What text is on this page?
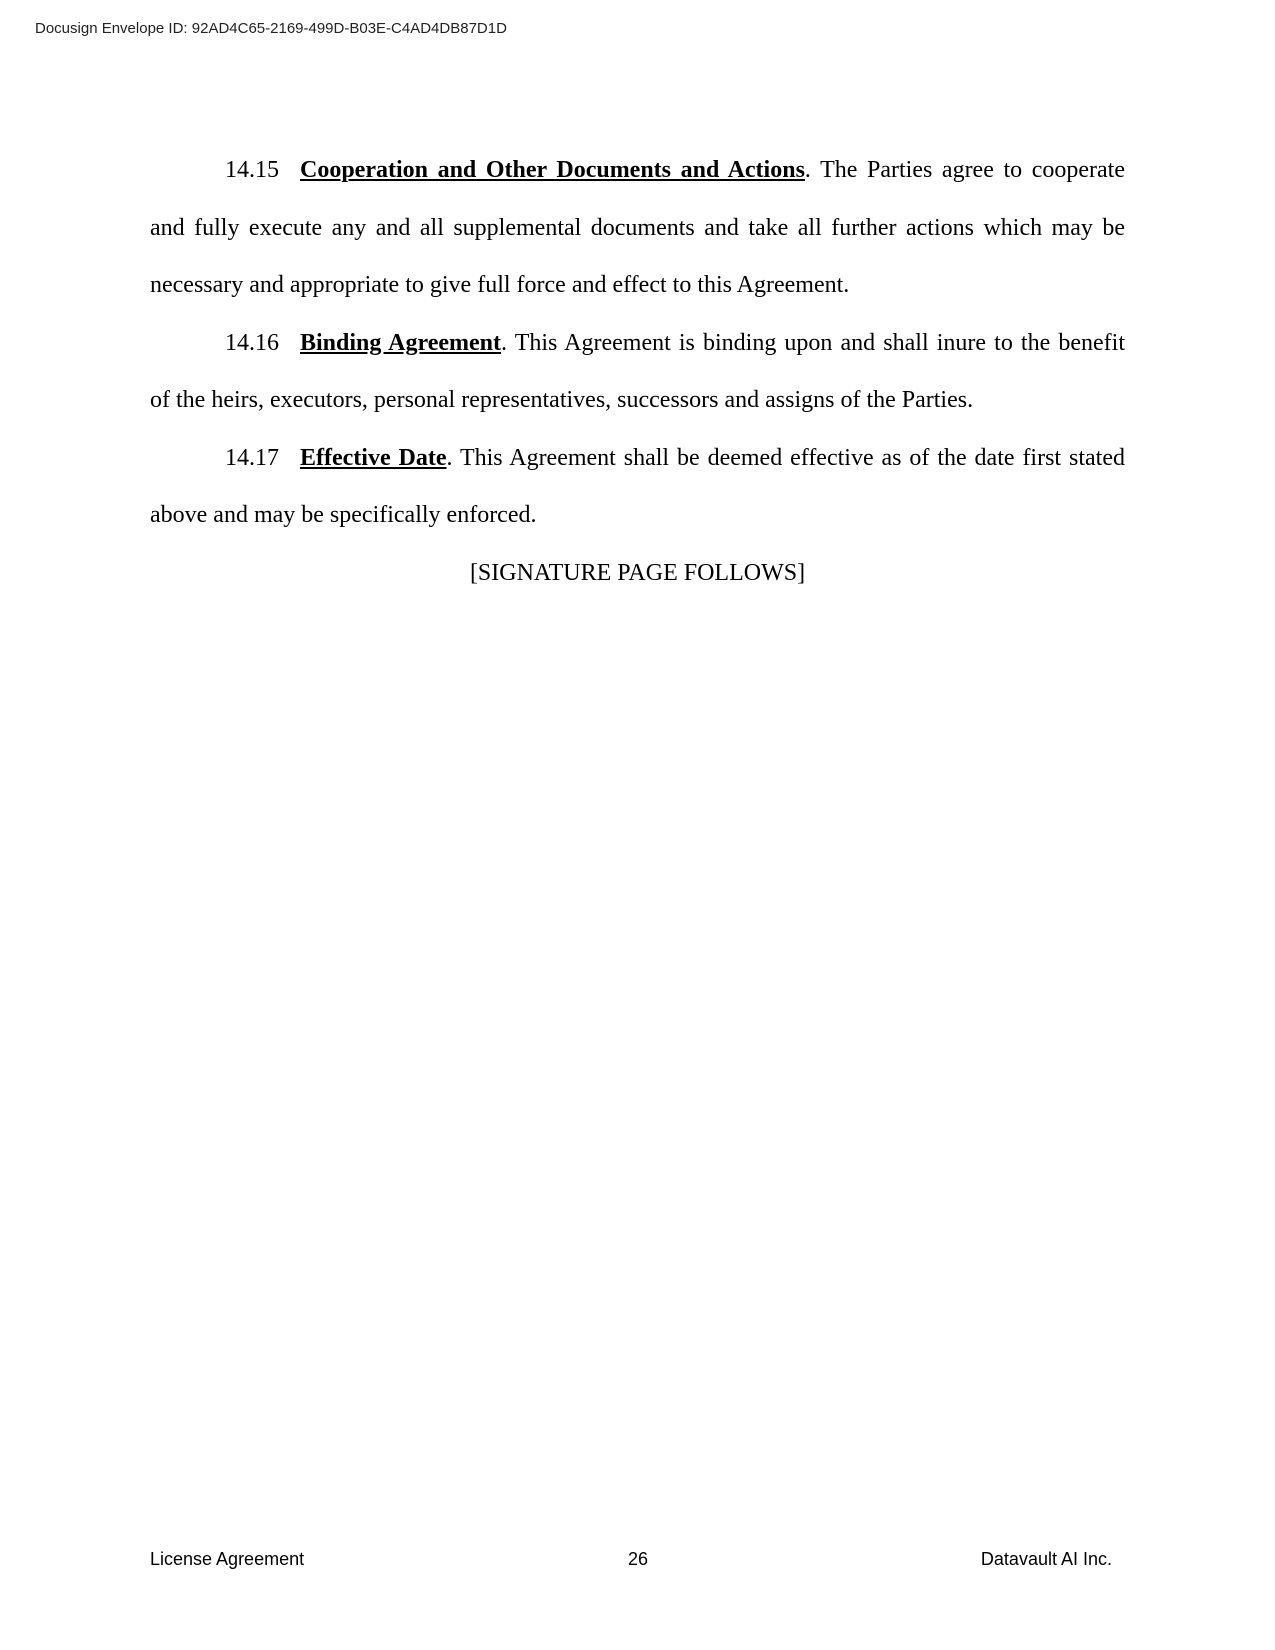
Docusign Envelope ID: 92AD4C65-2169-499D-B03E-C4AD4DB87D1D

14.15 Cooperation and Other Documents and Actions. The Parties agree to cooperate and fully execute any and all supplemental documents and take all further actions which may be necessary and appropriate to give full force and effect to this Agreement.

14.16 Binding Agreement. This Agreement is binding upon and shall inure to the benefit of the heirs, executors, personal representatives, successors and assigns of the Parties.

14.17 Effective Date. This Agreement shall be deemed effective as of the date first stated above and may be specifically enforced.

[SIGNATURE PAGE FOLLOWS]

License Agreement	26	Datavault AI Inc.
